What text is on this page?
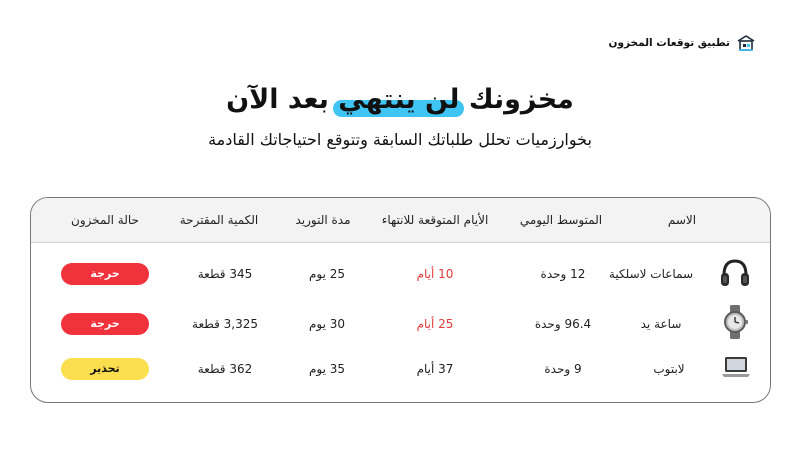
تطبيق توقعات المخزون
مخزونك لن ينتهي بعد الآن

بخوارزميات تحلل طلباتك السابقة وتتوقع احتياجاتك القادمة

الاسم
المتوسط اليومي
الأيام المتوقعة للانتهاء
مدة التوريد
الكمية المقترحة
حالة المخزون
سماعات لاسلكية
12 وحدة
10 أيام
25 يوم
345 قطعة
حرجة
ساعة يد
96.4 وحدة
25 أيام
30 يوم
3,325 قطعة
حرجة
لابتوب
9 وحدة
37 أيام
35 يوم
362 قطعة
تحذير
